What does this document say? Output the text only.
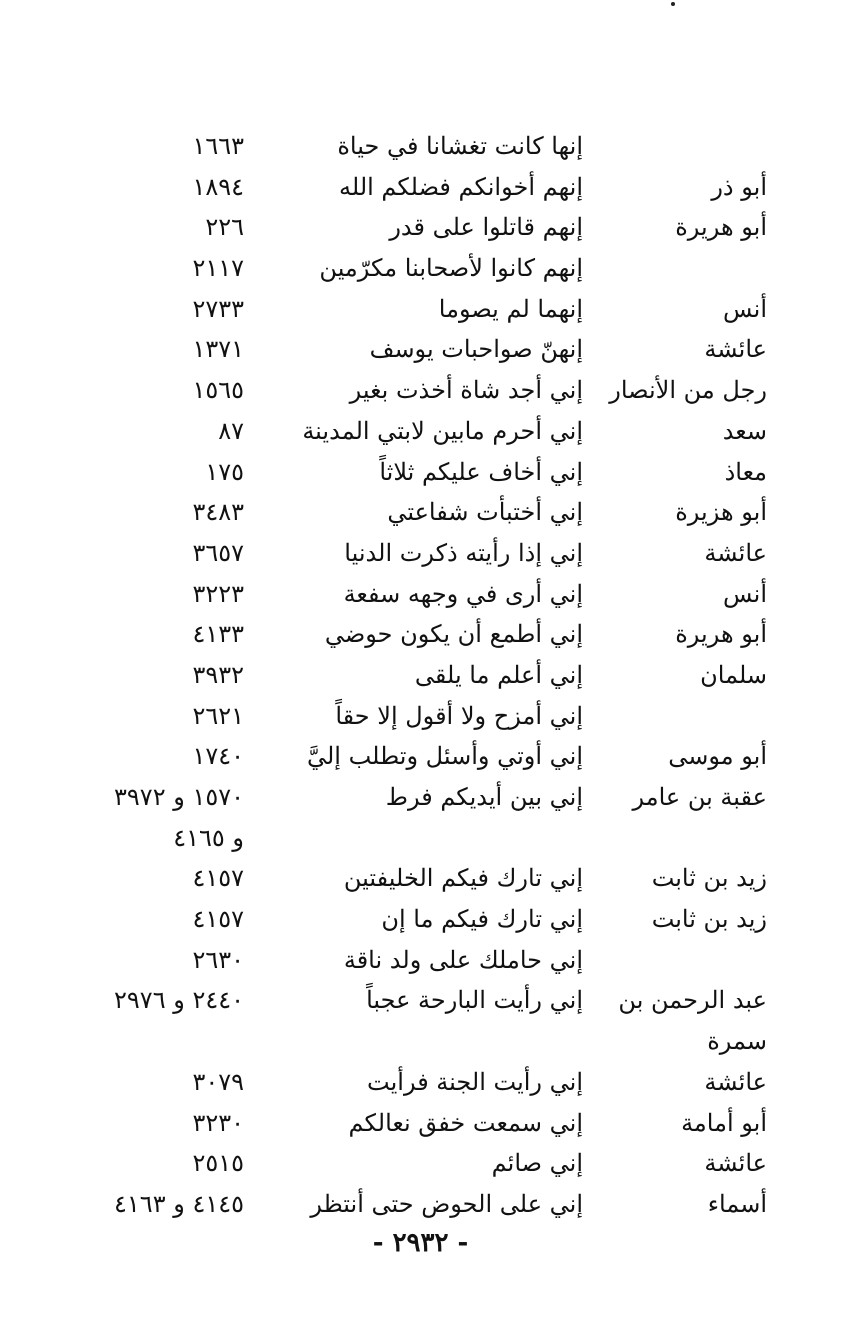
إنها كانت تغشانا في حياة
١٦٦٣
أبو ذر
إنهم أخوانكم فضلكم الله
١٨٩٤
أبو هريرة
إنهم قاتلوا على قدر
٢٢٦
إنهم كانوا لأصحابنا مكرّمين
٢١١٧
أنس
إنهما لم يصوما
٢٧٣٣
عائشة
إنهنّ صواحبات يوسف
١٣٧١
رجل من الأنصار
إني أجد شاة أخذت بغير
١٥٦٥
سعد
إني أحرم مابين لابتي المدينة
٨٧
معاذ
إني أخاف عليكم ثلاثاً
١٧٥
أبو هزيرة
إني أختبأت شفاعتي
٣٤٨٣
عائشة
إني إذا رأيته ذكرت الدنيا
٣٦٥٧
أنس
إني أرى في وجهه سفعة
٣٢٢٣
أبو هريرة
إني أطمع أن يكون حوضي
٤١٣٣
سلمان
إني أعلم ما يلقى
٣٩٣٢
إني أمزح ولا أقول إلا حقاً
٢٦٢١
أبو موسى
إني أوتي وأسئل وتطلب إليَّ
١٧٤٠
عقبة بن عامر
إني بين أيديكم فرط
١٥٧٠ و ٣٩٧٢
و ٤١٦٥
زيد بن ثابت
إني تارك فيكم الخليفتين
٤١٥٧
زيد بن ثابت
إني تارك فيكم ما إن
٤١٥٧
إني حاملك على ولد ناقة
٢٦٣٠
عبد الرحمن بن
إني رأيت البارحة عجباً
٢٤٤٠ و ٢٩٧٦
سمرة
عائشة
إني رأيت الجنة فرأيت
٣٠٧٩
أبو أمامة
إني سمعت خفق نعالكم
٣٢٣٠
عائشة
إني صائم
٢٥١٥
أسماء
إني على الحوض حتى أنتظر
٤١٤٥ و ٤١٦٣
- ٢٩٣٢ -
